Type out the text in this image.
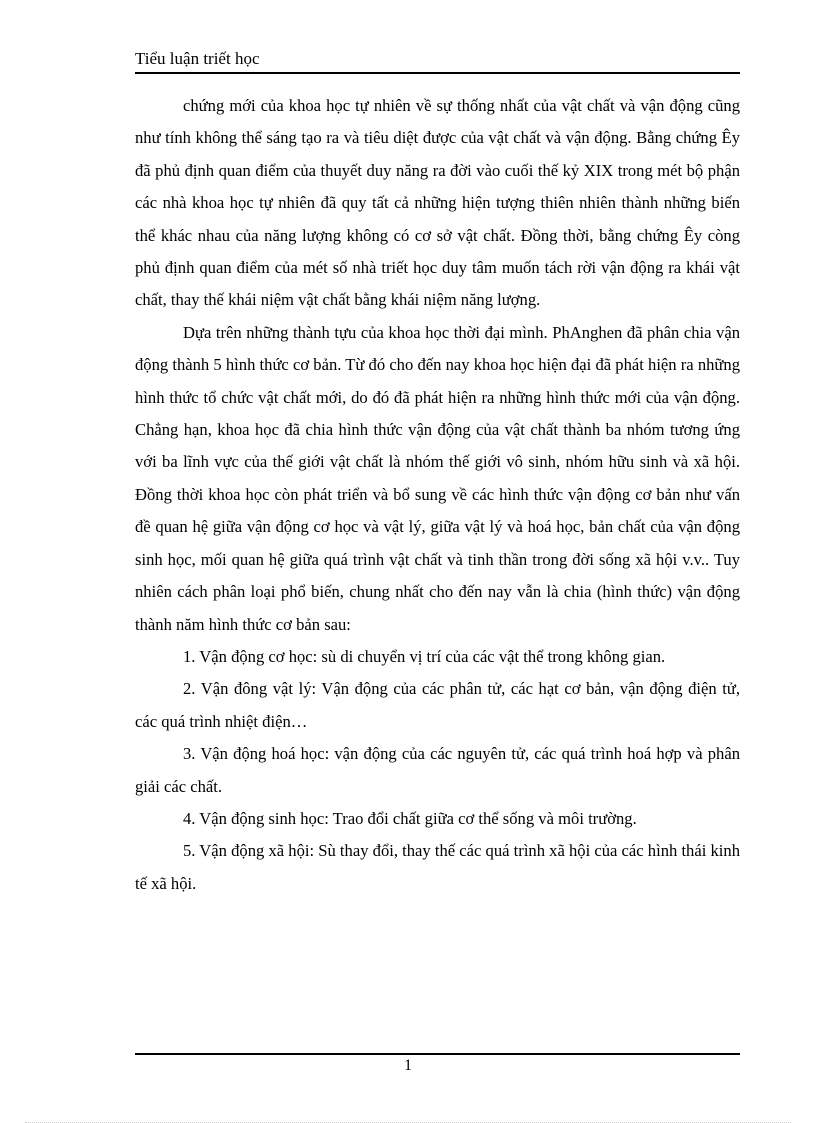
Tiểu luận triết học

chứng mới của khoa học tự nhiên về sự thống nhất của vật chất và vận động cũng như tính không thể sáng tạo ra và tiêu diệt được của vật chất và vận động. Bằng chứng Êy đã phủ định quan điểm của thuyết duy năng ra đời vào cuối thế kỷ XIX trong mét bộ phận các nhà khoa học tự nhiên đã quy tất cả những hiện tượng thiên nhiên thành những biến thể khác nhau của năng lượng không có cơ sở vật chất. Đồng thời, bằng chứng Êy còng phủ định quan điểm của mét số nhà triết học duy tâm muốn tách rời vận động ra khái vật chất, thay thế khái niệm vật chất bằng khái niệm năng lượng.

Dựa trên những thành tựu của khoa học thời đại mình. PhAnghen đã phân chia vận động thành 5 hình thức cơ bản. Từ đó cho đến nay khoa học hiện đại đã phát hiện ra những hình thức tổ chức vật chất mới, do đó đã phát hiện ra những hình thức mới của vận động. Chẳng hạn, khoa học đã chia hình thức vận động của vật chất thành ba nhóm tương ứng với ba lĩnh vực của thế giới vật chất là nhóm thế giới vô sinh, nhóm hữu sinh và xã hội. Đồng thời khoa học còn phát triển và bổ sung về các hình thức vận động cơ bản như vấn đề quan hệ giữa vận động cơ học và vật lý, giữa vật lý và hoá học, bản chất của vận động sinh học, mối quan hệ giữa quá trình vật chất và tinh thần trong đời sống xã hội v.v.. Tuy nhiên cách phân loại phổ biến, chung nhất cho đến nay vẫn là chia (hình thức) vận động thành năm hình thức cơ bản sau:

1. Vận động cơ học: sù di chuyển vị trí của các vật thể trong không gian.

2. Vận đông vật lý: Vận động của các phân tử, các hạt cơ bản, vận động điện tử, các quá trình nhiệt điện…

3. Vận động hoá học: vận động của các nguyên tử, các quá trình hoá hợp và phân giải các chất.

4. Vận động sinh học: Trao đổi chất giữa cơ thể sống và môi trường.

5. Vận động xã hội: Sù thay đổi, thay thế các quá trình xã hội của các hình thái kinh tế xã hội.

1
